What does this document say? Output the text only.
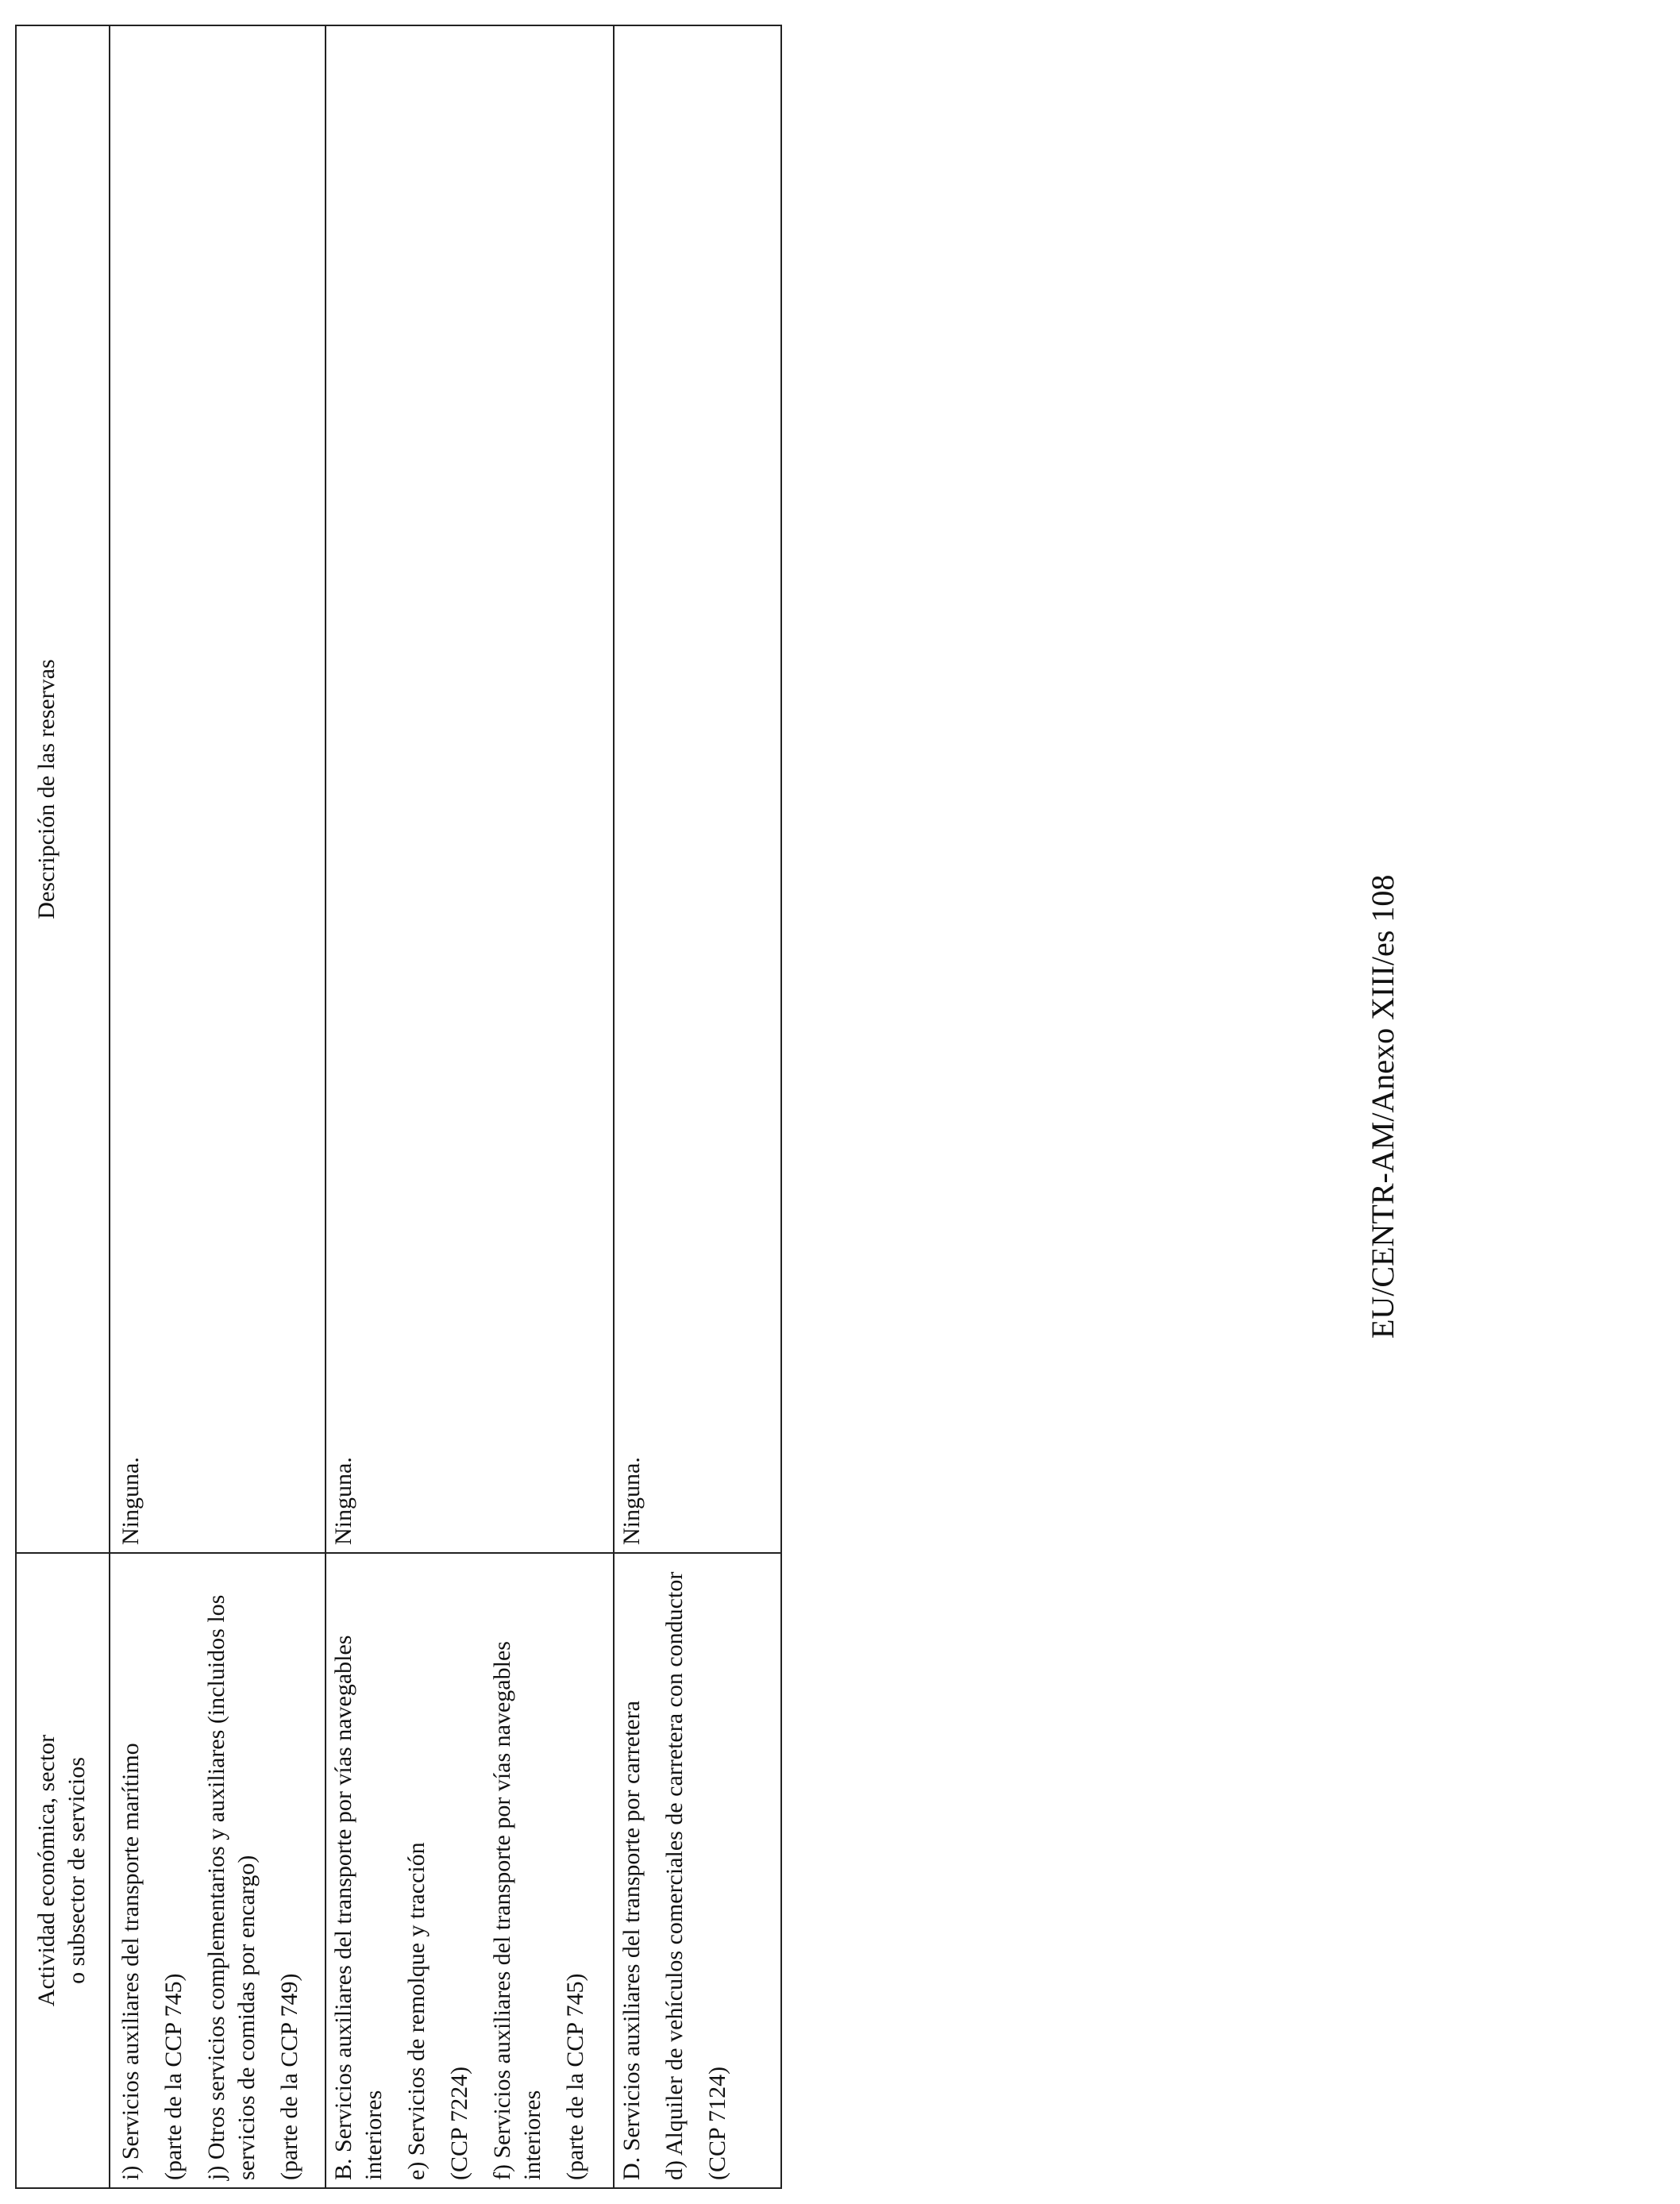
Actividad económica, sector o subsector de servicios
Descripción de las reservas
i) Servicios auxiliares del transporte marítimo (parte de la CCP 745) j) Otros servicios complementarios y auxiliares (incluidos los servicios de comidas por encargo) (parte de la CCP 749)
Ninguna.
B. Servicios auxiliares del transporte por vías navegables interiores e) Servicios de remolque y tracción (CCP 7224) f) Servicios auxiliares del transporte por vías navegables interiores (parte de la CCP 745)
Ninguna.
D. Servicios auxiliares del transporte por carretera d) Alquiler de vehículos comerciales de carretera con conductor (CCP 7124)
Ninguna.
EU/CENTR-AM/Anexo XIII/es 108
